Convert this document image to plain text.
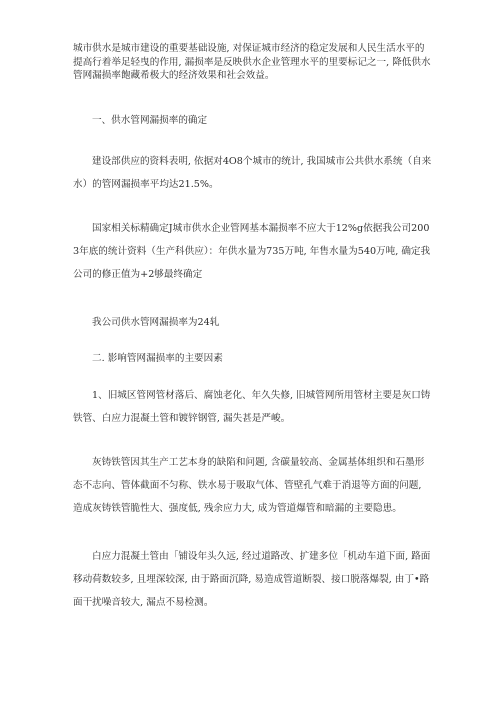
城市供水是城市建设的重要基础设施, 对保证城市经济的稳定发展和人民生活水平的提高行着举足轻曳的作用, 漏损率是反映供水企业管理水平的里要标记之一, 降低供水管网漏损率飽藏希极大的经济效果和社会效益。

一、供水管网漏损率的确定

建设部供应的资料表明, 依据对4O8个城市的统计, 我国城市公共供水系统（自来水）的管网漏损率平均达21.5%。

国家相关标精确定J城市供水企业管网基本漏损率不应大于12%g依据我公司2003年底的统计资料（生产科供应）：年供水量为735万吨, 年售水量为540万吨, 确定我公司的修正值为+2够最终确定

我公司供水管网漏损率为24轧

二. 影响管网漏损率的主要因素

1、旧城区管网管材落后、腐蚀老化、年久失修, 旧城管网所用管材主要是灰口铸铁管、白应力混凝土管和镀锌钢管, 漏失甚是严峻。

灰铸铁管因其生产工艺本身的缺陷和问题, 含碳量较高、金属基体组织和石墨形态不志向、管体截面不匀称、铁水易于吸取气体、管壁孔气难于消退等方面的问题, 造成灰铸铁管脆性大、强度低, 残余应力大, 成为管道爆管和暗漏的主要隐患。

白应力混凝土管由「铺设年头久远, 经过道路改、扩建多位「机动车道下面, 路面移动荷数较多, 且埋深较深, 由于路面沉降, 易造成管道断裂、接口脱落爆裂, 由丁•路面干扰噪音较大, 漏点不易检测。
